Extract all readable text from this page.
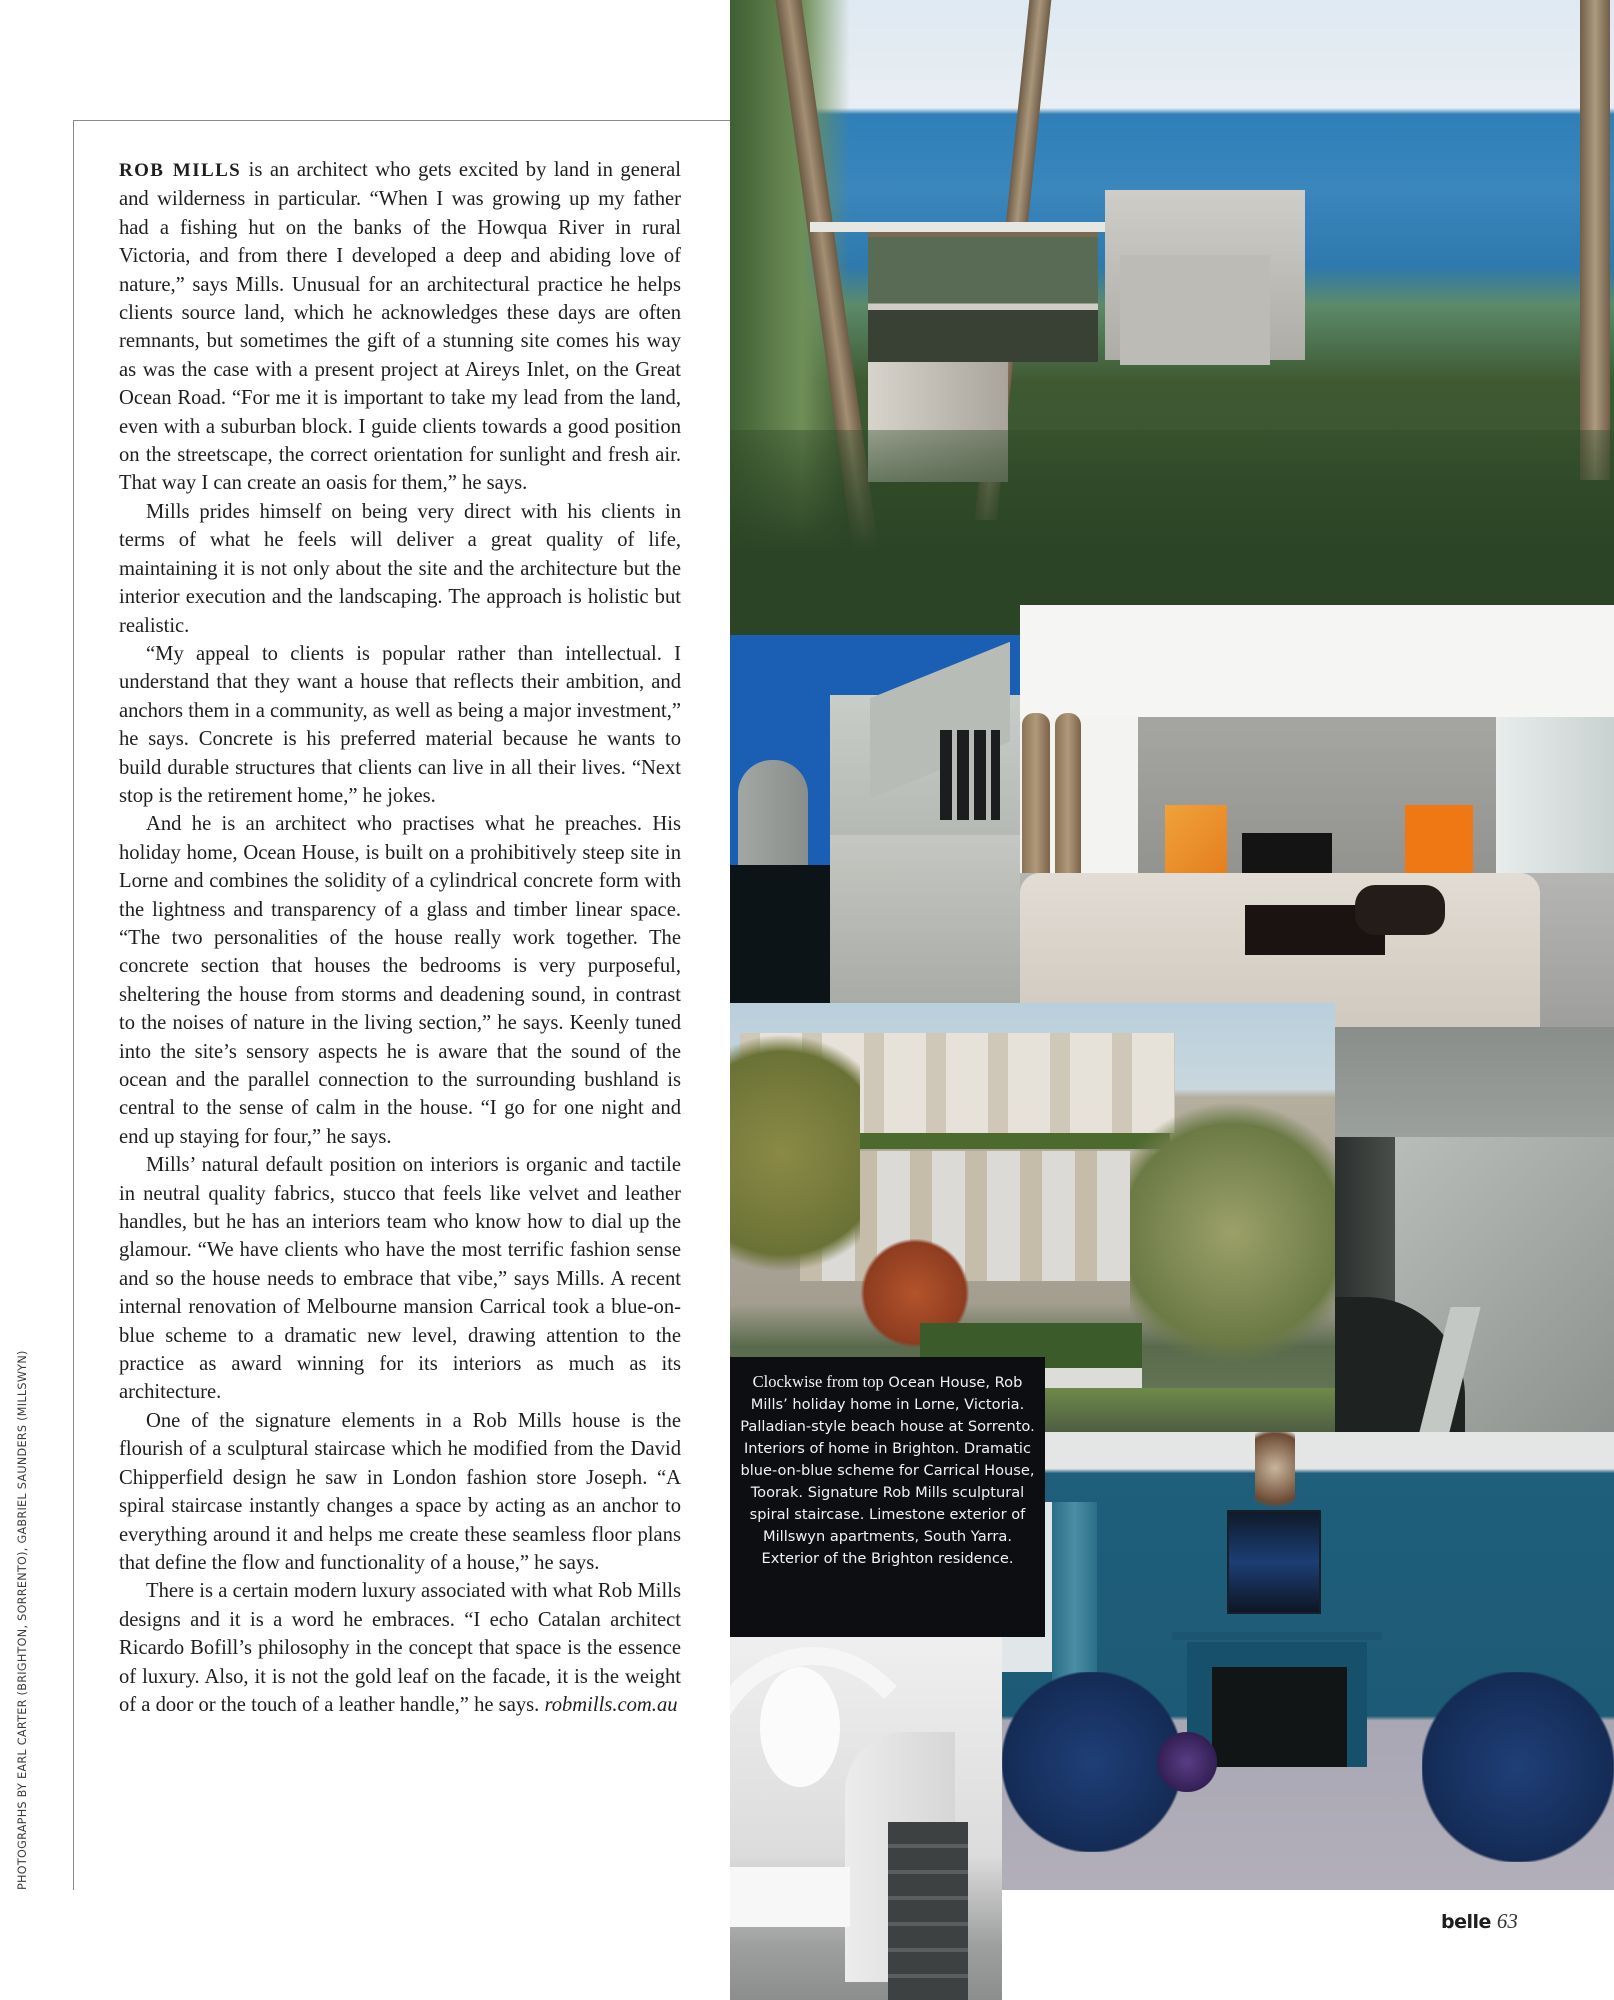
ROB MILLS is an architect who gets excited by land in general and wilderness in particular. “When I was growing up my father had a fishing hut on the banks of the Howqua River in rural Victoria, and from there I developed a deep and abiding love of nature,” says Mills. Unusual for an architectural practice he helps clients source land, which he acknowledges these days are often remnants, but sometimes the gift of a stunning site comes his way as was the case with a present project at Aireys Inlet, on the Great Ocean Road. “For me it is important to take my lead from the land, even with a suburban block. I guide clients towards a good position on the streetscape, the correct orientation for sunlight and fresh air. That way I can create an oasis for them,” he says.

Mills prides himself on being very direct with his clients in terms of what he feels will deliver a great quality of life, maintaining it is not only about the site and the architecture but the interior execution and the landscaping. The approach is holistic but realistic.

“My appeal to clients is popular rather than intellectual. I understand that they want a house that reflects their ambition, and anchors them in a community, as well as being a major investment,” he says. Concrete is his preferred material because he wants to build durable structures that clients can live in all their lives. “Next stop is the retirement home,” he jokes.

And he is an architect who practises what he preaches. His holiday home, Ocean House, is built on a prohibitively steep site in Lorne and combines the solidity of a cylindrical concrete form with the lightness and transparency of a glass and timber linear space. “The two personalities of the house really work together. The concrete section that houses the bedrooms is very purposeful, sheltering the house from storms and deadening sound, in contrast to the noises of nature in the living section,” he says. Keenly tuned into the site’s sensory aspects he is aware that the sound of the ocean and the parallel connection to the surrounding bushland is central to the sense of calm in the house. “I go for one night and end up staying for four,” he says.

Mills’ natural default position on interiors is organic and tactile in neutral quality fabrics, stucco that feels like velvet and leather handles, but he has an interiors team who know how to dial up the glamour. “We have clients who have the most terrific fashion sense and so the house needs to embrace that vibe,” says Mills. A recent internal renovation of Melbourne mansion Carrical took a blue-on-blue scheme to a dramatic new level, drawing attention to the practice as award winning for its interiors as much as its architecture.

One of the signature elements in a Rob Mills house is the flourish of a sculptural staircase which he modified from the David Chipperfield design he saw in London fashion store Joseph. “A spiral staircase instantly changes a space by acting as an anchor to everything around it and helps me create these seamless floor plans that define the flow and functionality of a house,” he says.

There is a certain modern luxury associated with what Rob Mills designs and it is a word he embraces. “I echo Catalan architect Ricardo Bofill’s philosophy in the concept that space is the essence of luxury. Also, it is not the gold leaf on the facade, it is the weight of a door or the touch of a leather handle,” he says. robmills.com.au

PHOTOGRAPHS BY EARL CARTER (BRIGHTON, SORRENTO), GABRIEL SAUNDERS (MILLSWYN)	Clockwise from top Ocean House, Rob Mills’ holiday home in Lorne, Victoria. Palladian-style beach house at Sorrento. Interiors of home in Brighton. Dramatic blue-on-blue scheme for Carrical House, Toorak. Signature Rob Mills sculptural spiral staircase. Limestone exterior of Millswyn apartments, South Yarra. Exterior of the Brighton residence.
belle 63
